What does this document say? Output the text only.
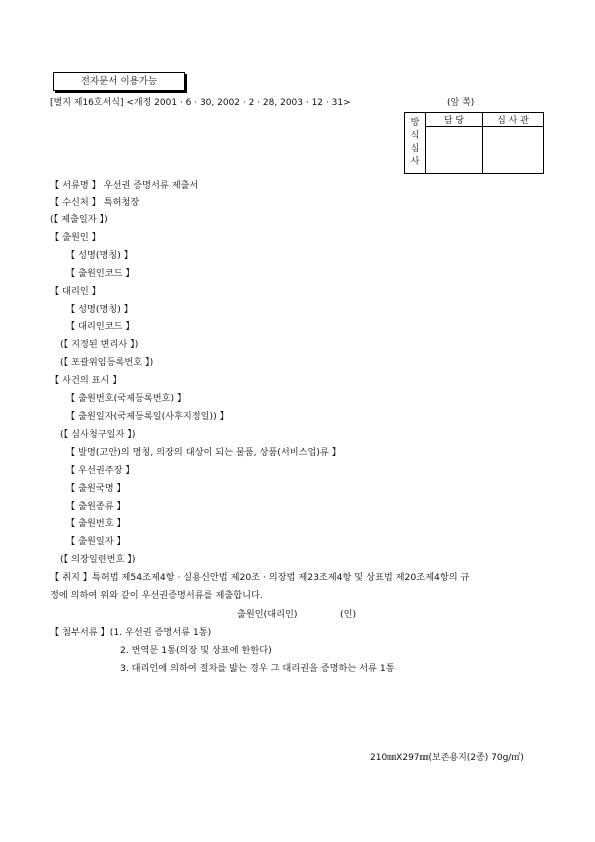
전자문서 이용가능
[별지 제16호서식] <개정 2001 · 6 · 30, 2002 · 2 · 28, 2003 · 12 · 31>	(앞 쪽)
방
식
심
사	담 당	심 사 관

【 서류명 】 우선권 증명서류 제출서
【 수신처 】 특허청장
(【 제출일자 】)
【 출원인 】
【 성명(명칭) 】
【 출원인코드 】
【 대리인 】
【 성명(명칭) 】
【 대리인코드 】
(【 지정된 변리사 】)
(【 포괄위임등록번호 】)
【 사건의 표시 】
【 출원번호(국제등록번호) 】
【 출원일자(국제등록일(사후지정일)) 】
(【 심사청구일자 】)
【 발명(고안)의 명칭, 의장의 대상이 되는 물품, 상품(서비스업)류 】
【 우선권주장 】
【 출원국명 】
【 출원종류 】
【 출원번호 】
【 출원일자 】
(【 의장일련번호 】)
【 취지 】특허법 제54조제4항 · 실용신안법 제20조 · 의장법 제23조제4항 및 상표법 제20조제4항의 규
정에 의하여 위와 같이 우선권증명서류를 제출합니다.
출원인(대리인)	(인)
【 첨부서류 】(1. 우선권 증명서류 1통)
2. 번역문 1통(의장 및 상표에 한한다)
3. 대리인에 의하여 절차를 밟는 경우 그 대리권을 증명하는 서류 1통
210㎜X297㎜(보존용지(2종) 70g/㎡)
